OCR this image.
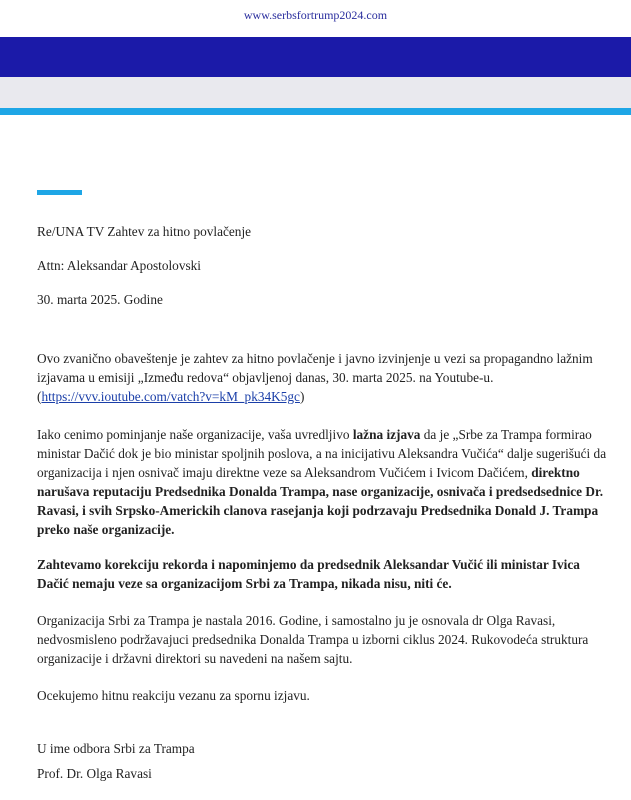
www.serbsfortrump2024.com
Re/UNA TV Zahtev za hitno povlačenje
Attn: Aleksandar Apostolovski
30. marta 2025. Godine

Ovo zvanično obaveštenje je zahtev za hitno povlačenje i javno izvinjenje u vezi sa propagandno lažnim izjavama u emisiji „Između redova“ objavljenoj danas, 30. marta 2025. na Youtube-u. (https://vvv.ioutube.com/vatch?v=kM_pk34K5gc)

Iako cenimo pominjanje naše organizacije, vaša uvredljivo lažna izjava da je „Srbe za Trampa formirao ministar Dačić dok je bio ministar spoljnih poslova, a na inicijativu Aleksandra Vučića“ dalje sugerišući da organizacija i njen osnivač imaju direktne veze sa Aleksandrom Vučićem i Ivicom Dačićem, direktno narušava reputaciju Predsednika Donalda Trampa, nase organizacije, osnivača i predsedsednice Dr. Ravasi, i svih Srpsko-Americkih clanova rasejanja koji podrzavaju Predsednika Donald J. Trampa preko naše organizacije.

Zahtevamo korekciju rekorda i napominjemo da predsednik Aleksandar Vučić ili ministar Ivica Dačić nemaju veze sa organizacijom Srbi za Trampa, nikada nisu, niti će.

Organizacija Srbi za Trampa je nastala 2016. Godine, i samostalno ju je osnovala dr Olga Ravasi, nedvosmisleno podržavajuci predsednika Donalda Trampa u izborni ciklus 2024. Rukovodeća struktura organizacije i državni direktori su navedeni na našem sajtu.

Ocekujemo hitnu reakciju vezanu za spornu izjavu.

U ime odbora Srbi za Trampa
Prof. Dr. Olga Ravasi
